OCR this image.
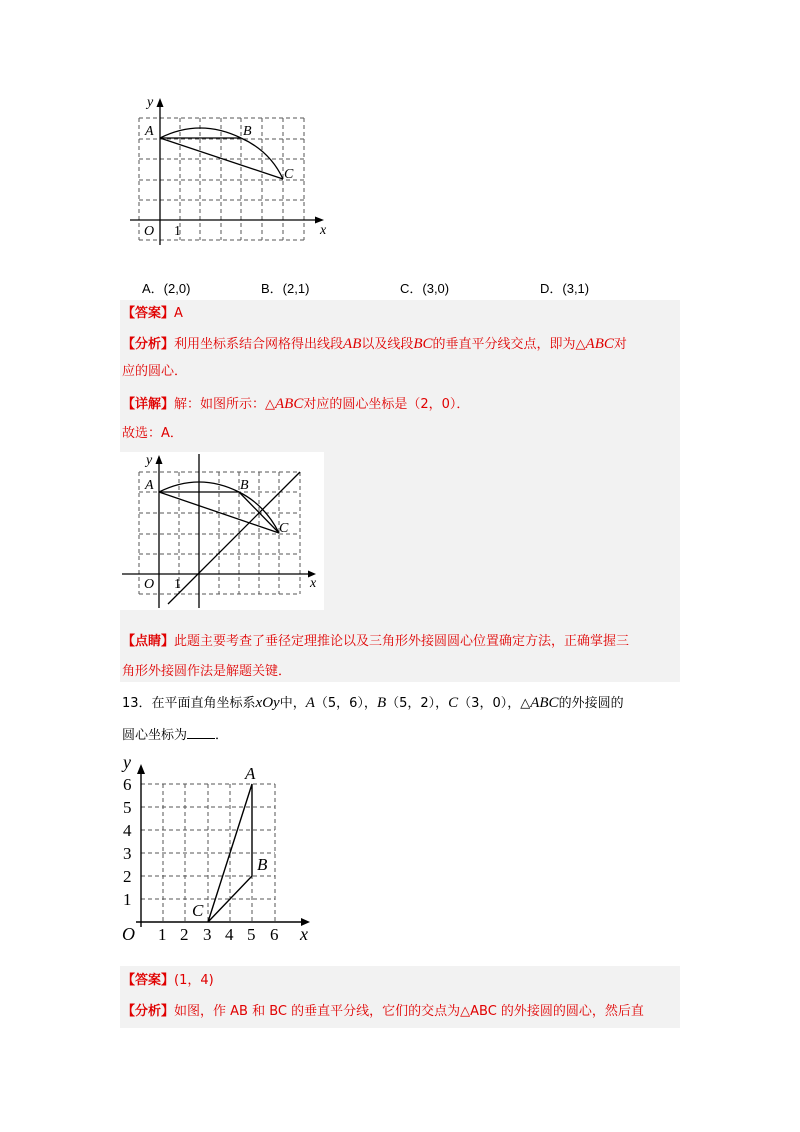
y
x
O 1
A	B
C
A．(2,0)	B．(2,1)	C．(3,0)	D．(3,1)
【答案】A
【分析】利用坐标系结合网格得出线段AB以及线段BC的垂直平分线交点，即为△ABC对
应的圆心．
【详解】解：如图所示：△ABC对应的圆心坐标是（2，0）．
故选：A．
y
x
O 1
A	B
C
【点睛】此题主要考查了垂径定理推论以及三角形外接圆圆心位置确定方法，正确掌握三
角形外接圆作法是解题关键．
13．在平面直角坐标系xOy中，A（5，6），B（5，2），C（3，0），△ABC的外接圆的
圆心坐标为 ．
y
x
O 1 2 3 4 5 6
1
2
3
4
5
6
A
B
C
【答案】(1，4)
【分析】如图，作 AB 和 BC 的垂直平分线，它们的交点为△ABC 的外接圆的圆心，然后直
